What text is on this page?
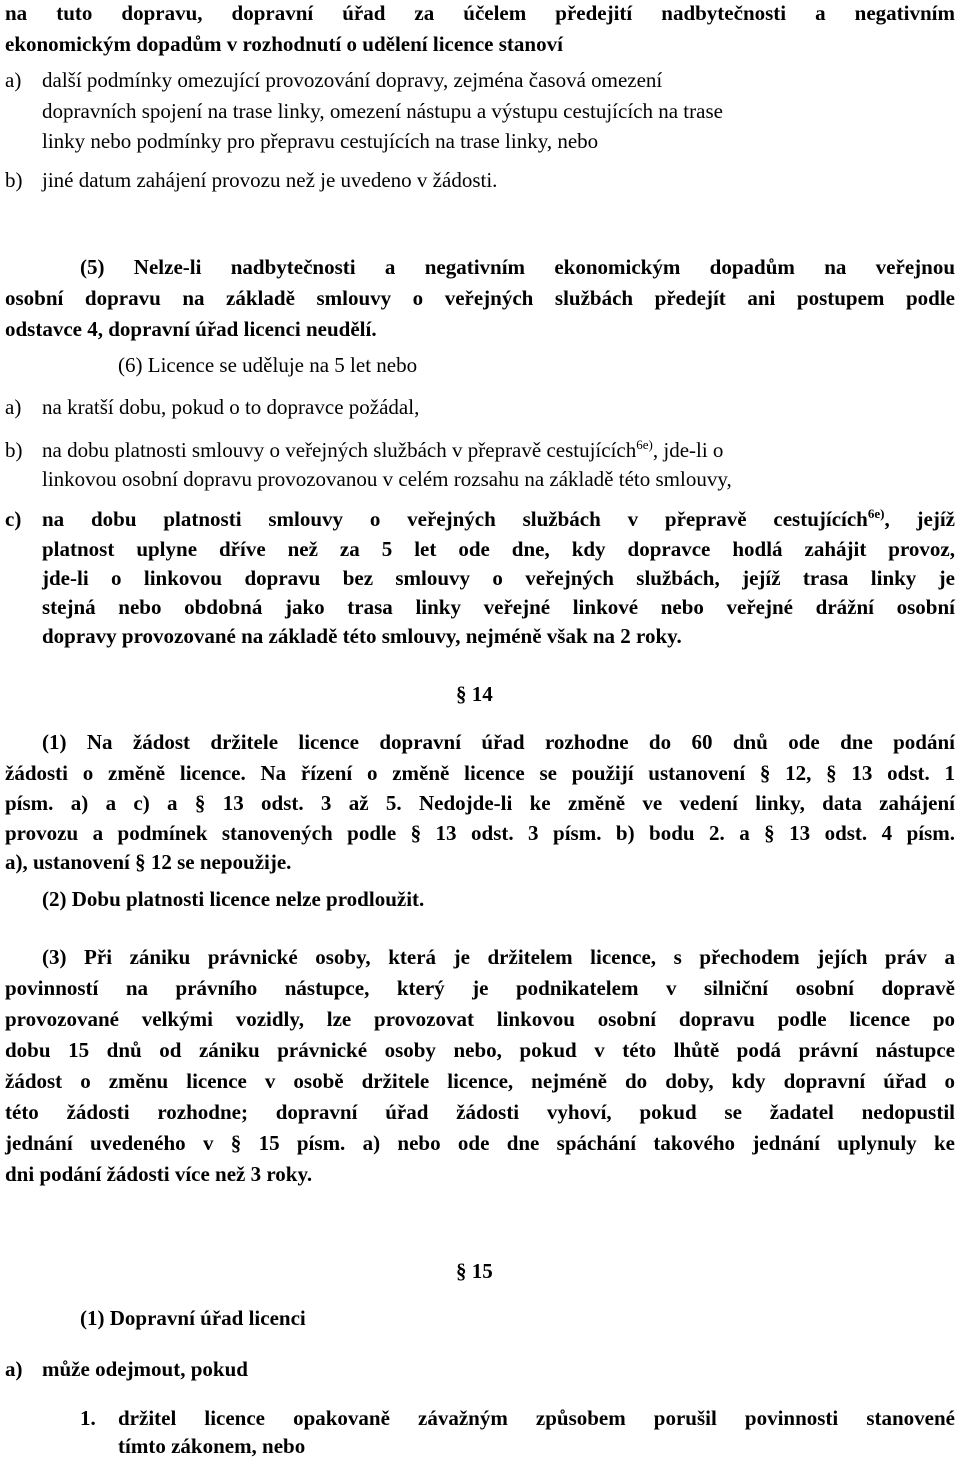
na tuto dopravu, dopravní úřad za účelem předejití nadbytečnosti a negativním
ekonomickým dopadům v rozhodnutí o udělení licence stanoví
a) další podmínky omezující provozování dopravy, zejména časová omezení
dopravních spojení na trase linky, omezení nástupu a výstupu cestujících na trase
linky nebo podmínky pro přepravu cestujících na trase linky, nebo
b) jiné datum zahájení provozu než je uvedeno v žádosti.
(5) Nelze-li nadbytečnosti a negativním ekonomickým dopadům na veřejnou
osobní dopravu na základě smlouvy o veřejných službách předejít ani postupem podle
odstavce 4, dopravní úřad licenci neudělí.
(6) Licence se uděluje na 5 let nebo
a) na kratší dobu, pokud o to dopravce požádal,
b) na dobu platnosti smlouvy o veřejných službách v přepravě cestujících$^{6e)}$, jde-li o
linkovou osobní dopravu provozovanou v celém rozsahu na základě této smlouvy,
c) na dobu platnosti smlouvy o veřejných službách v přepravě cestujících$^{6e)}$, jejíž
platnost uplyne dříve než za 5 let ode dne, kdy dopravce hodlá zahájit provoz,
jde-li o linkovou dopravu bez smlouvy o veřejných službách, jejíž trasa linky je
stejná nebo obdobná jako trasa linky veřejné linkové nebo veřejné drážní osobní
dopravy provozované na základě této smlouvy, nejméně však na 2 roky.
§ 14
(1) Na žádost držitele licence dopravní úřad rozhodne do 60 dnů ode dne podání
žádosti o změně licence. Na řízení o změně licence se použijí ustanovení § 12, § 13 odst. 1
písm. a) a c) a § 13 odst. 3 až 5. Nedojde-li ke změně ve vedení linky, data zahájení
provozu a podmínek stanovených podle § 13 odst. 3 písm. b) bodu 2. a § 13 odst. 4 písm.
a), ustanovení § 12 se nepoužije.
(2) Dobu platnosti licence nelze prodloužit.
(3) Při zániku právnické osoby, která je držitelem licence, s přechodem jejích práv a
povinností na právního nástupce, který je podnikatelem v silniční osobní dopravě
provozované velkými vozidly, lze provozovat linkovou osobní dopravu podle licence po
dobu 15 dnů od zániku právnické osoby nebo, pokud v této lhůtě podá právní nástupce
žádost o změnu licence v osobě držitele licence, nejméně do doby, kdy dopravní úřad o
této žádosti rozhodne; dopravní úřad žádosti vyhoví, pokud se žadatel nedopustil
jednání uvedeného v § 15 písm. a) nebo ode dne spáchání takového jednání uplynuly ke
dni podání žádosti více než 3 roky.
§ 15
(1) Dopravní úřad licenci
a) může odejmout, pokud
1. držitel licence opakovaně závažným způsobem porušil povinnosti stanovené
tímto zákonem, nebo
